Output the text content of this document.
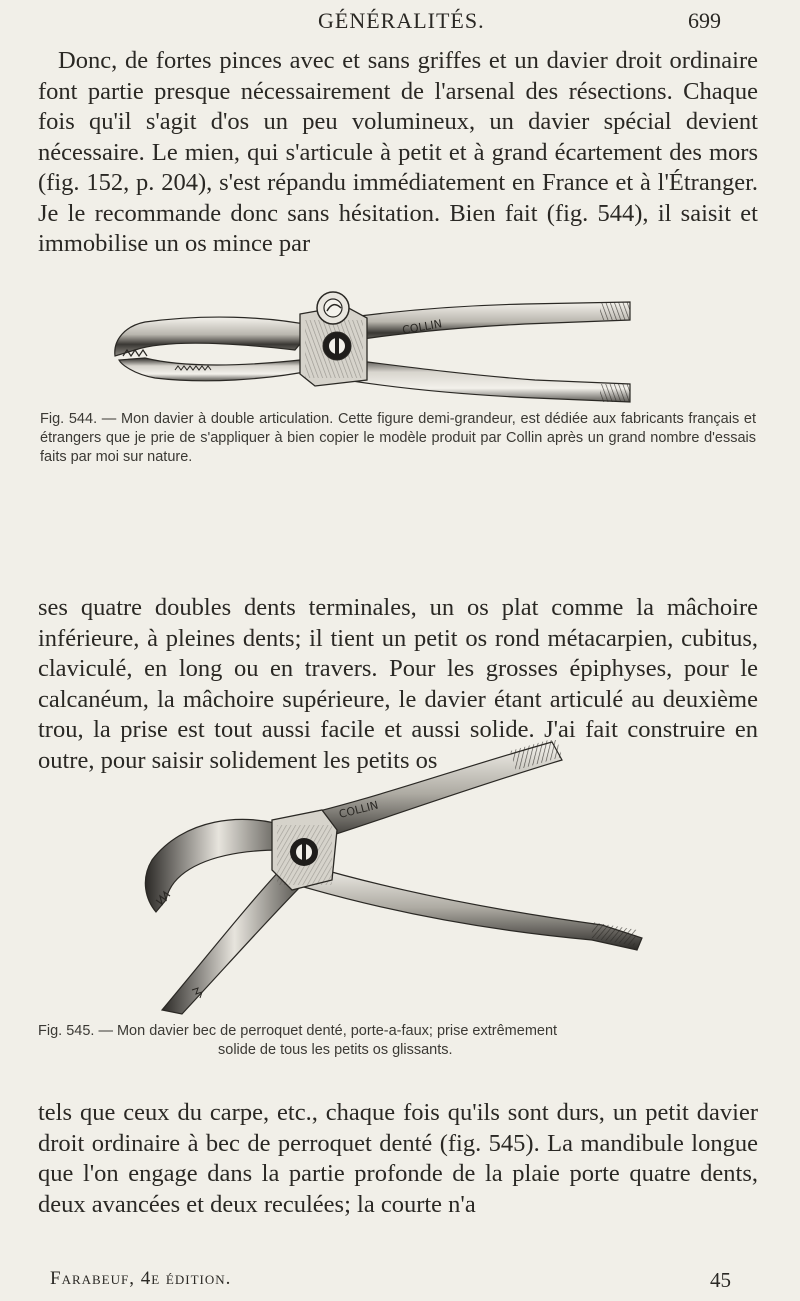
GÉNÉRALITÉS.	699

Donc, de fortes pinces avec et sans griffes et un davier droit ordinaire font partie presque nécessairement de l'arsenal des résections. Chaque fois qu'il s'agit d'os un peu volumineux, un davier spécial devient nécessaire. Le mien, qui s'articule à petit et à grand écartement des mors (fig. 152, p. 204), s'est répandu immédiatement en France et à l'Étranger. Je le recommande donc sans hésitation. Bien fait (fig. 544), il saisit et immobilise un os mince par

COLLIN
Fig. 544. — Mon davier à double articulation. Cette figure demi-grandeur, est dédiée aux fabricants français et étrangers que je prie de s'appliquer à bien copier le modèle produit par Collin après un grand nombre d'essais faits par moi sur nature.

ses quatre doubles dents terminales, un os plat comme la mâchoire inférieure, à pleines dents; il tient un petit os rond métacarpien, cubitus, claviculé, en long ou en travers. Pour les grosses épiphyses, pour le calcanéum, la mâchoire supérieure, le davier étant articulé au deuxième trou, la prise est tout aussi facile et aussi solide. J'ai fait construire en outre, pour saisir solidement les petits os

COLLIN
Fig. 545. — Mon davier bec de perroquet denté, porte-a-faux; prise extrêmement
solide de tous les petits os glissants.

tels que ceux du carpe, etc., chaque fois qu'ils sont durs, un petit davier droit ordinaire à bec de perroquet denté (fig. 545). La mandibule longue que l'on engage dans la partie profonde de la plaie porte quatre dents, deux avancées et deux reculées; la courte n'a

Farabeuf, 4e édition.	45
